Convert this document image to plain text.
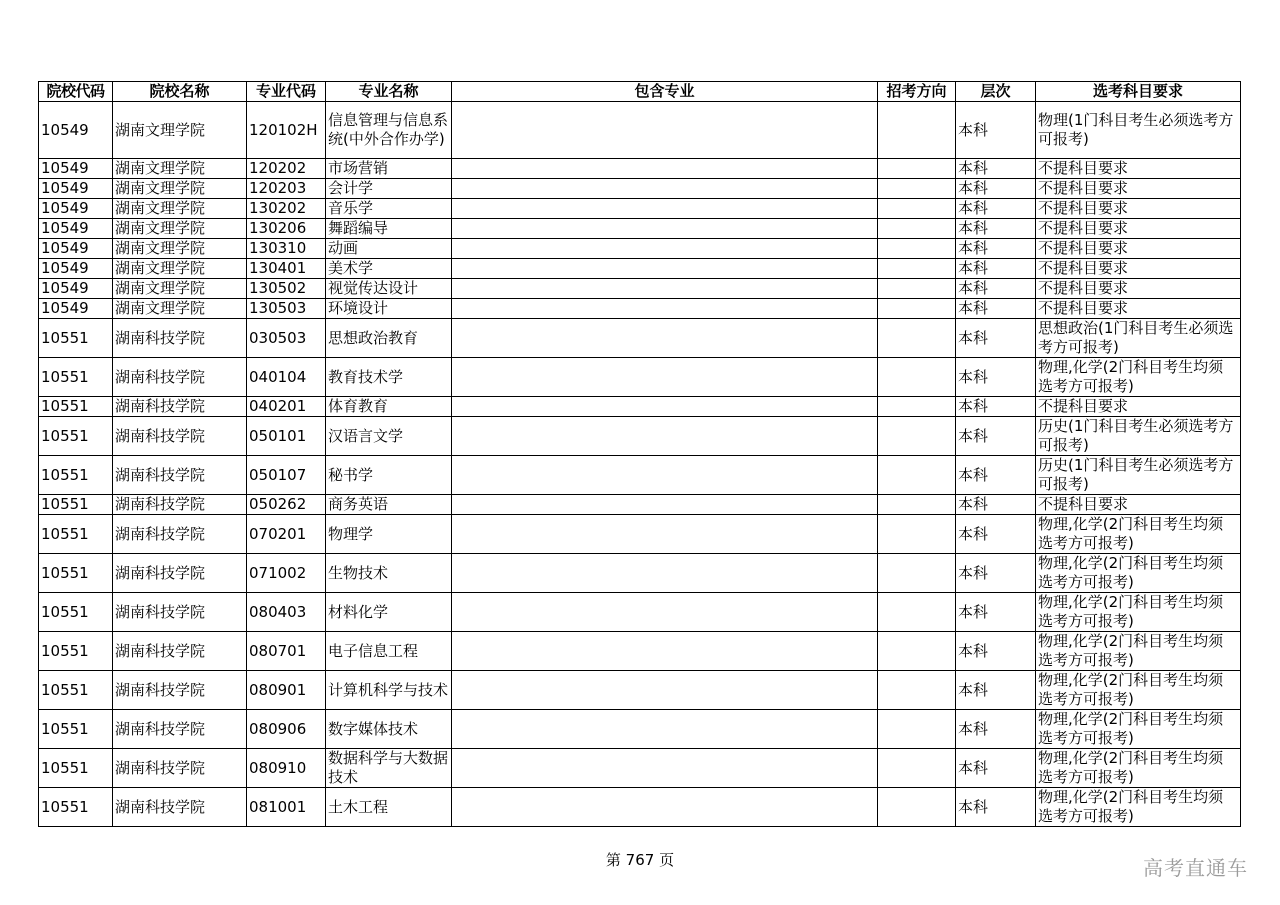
院校代码	院校名称	专业代码	专业名称	包含专业	招考方向	层次	选考科目要求
10549	湖南文理学院	120102H	信息管理与信息系统(中外合作办学)			本科	物理(1门科目考生必须选考方可报考)
10549	湖南文理学院	120202	市场营销			本科	不提科目要求
10549	湖南文理学院	120203	会计学			本科	不提科目要求
10549	湖南文理学院	130202	音乐学			本科	不提科目要求
10549	湖南文理学院	130206	舞蹈编导			本科	不提科目要求
10549	湖南文理学院	130310	动画			本科	不提科目要求
10549	湖南文理学院	130401	美术学			本科	不提科目要求
10549	湖南文理学院	130502	视觉传达设计			本科	不提科目要求
10549	湖南文理学院	130503	环境设计			本科	不提科目要求
10551	湖南科技学院	030503	思想政治教育			本科	思想政治(1门科目考生必须选考方可报考)
10551	湖南科技学院	040104	教育技术学			本科	物理,化学(2门科目考生均须选考方可报考)
10551	湖南科技学院	040201	体育教育			本科	不提科目要求
10551	湖南科技学院	050101	汉语言文学			本科	历史(1门科目考生必须选考方可报考)
10551	湖南科技学院	050107	秘书学			本科	历史(1门科目考生必须选考方可报考)
10551	湖南科技学院	050262	商务英语			本科	不提科目要求
10551	湖南科技学院	070201	物理学			本科	物理,化学(2门科目考生均须选考方可报考)
10551	湖南科技学院	071002	生物技术			本科	物理,化学(2门科目考生均须选考方可报考)
10551	湖南科技学院	080403	材料化学			本科	物理,化学(2门科目考生均须选考方可报考)
10551	湖南科技学院	080701	电子信息工程			本科	物理,化学(2门科目考生均须选考方可报考)
10551	湖南科技学院	080901	计算机科学与技术			本科	物理,化学(2门科目考生均须选考方可报考)
10551	湖南科技学院	080906	数字媒体技术			本科	物理,化学(2门科目考生均须选考方可报考)
10551	湖南科技学院	080910	数据科学与大数据技术			本科	物理,化学(2门科目考生均须选考方可报考)
10551	湖南科技学院	081001	土木工程			本科	物理,化学(2门科目考生均须选考方可报考)
第 767 页	高考直通车
